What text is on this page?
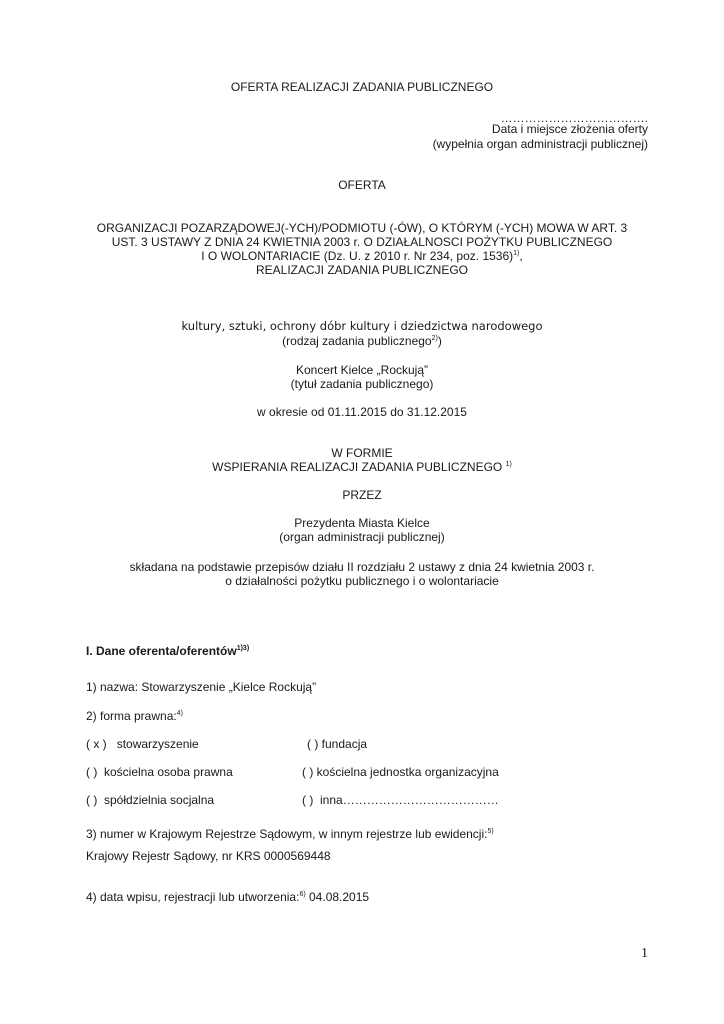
OFERTA REALIZACJI ZADANIA PUBLICZNEGO
……………………………….
Data i miejsce złożenia oferty
(wypełnia organ administracji publicznej)
OFERTA
ORGANIZACJI POZARZĄDOWEJ(-YCH)/PODMIOTU (-ÓW), O KTÓRYM (-YCH) MOWA W ART. 3
UST. 3 USTAWY Z DNIA 24 KWIETNIA 2003 r. O DZIAŁALNOSCI POŻYTKU PUBLICZNEGO
I O WOLONTARIACIE (Dz. U. z 2010 r. Nr 234, poz. 1536)$^{1)}$,
REALIZACJI ZADANIA PUBLICZNEGO
kultury, sztuki, ochrony dóbr kultury i dziedzictwa narodowego
(rodzaj zadania publicznego$^{2)}$)
Koncert Kielce „Rockują”
(tytuł zadania publicznego)
w okresie od 01.11.2015 do 31.12.2015
W FORMIE
WSPIERANIA REALIZACJI ZADANIA PUBLICZNEGO $^{1)}$
PRZEZ
Prezydenta Miasta Kielce
(organ administracji publicznej)
składana na podstawie przepisów działu II rozdziału 2 ustawy z dnia 24 kwietnia 2003 r.
o działalności pożytku publicznego i o wolontariacie
I. Dane oferenta/oferentów$^{1)3)}$
1) nazwa: Stowarzyszenie „Kielce Rockują”
2) forma prawna:$^{4)}$
( x ) stowarzyszenie	( ) fundacja
( ) kościelna osoba prawna	( ) kościelna jednostka organizacyjna
( ) spółdzielnia socjalna	( ) inna…………………………………
3) numer w Krajowym Rejestrze Sądowym, w innym rejestrze lub ewidencji:$^{5)}$
Krajowy Rejestr Sądowy, nr KRS 0000569448
4) data wpisu, rejestracji lub utworzenia:$^{6)}$ 04.08.2015
1
